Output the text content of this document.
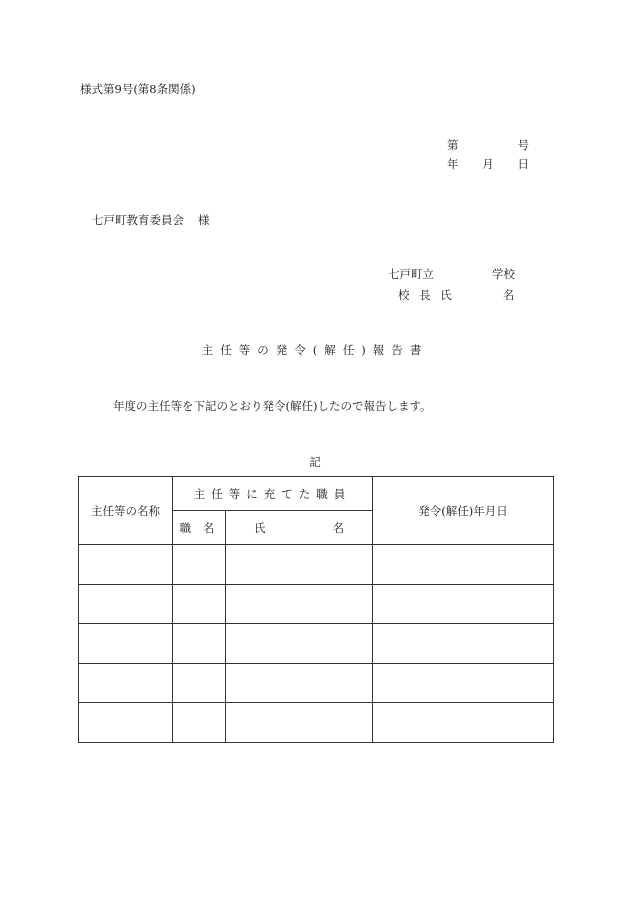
様式第9号(第8条関係)
第	号
年 月 日
七戸町教育委員会 様
七戸町立	学校
校 長 氏	名
主任等の発令(解任)報告書
年度の主任等を下記のとおり発令(解任)したので報告します。
記
主任等の名称	主任等に充てた職員		発令(解任)年月日
	職 名	氏 名	
